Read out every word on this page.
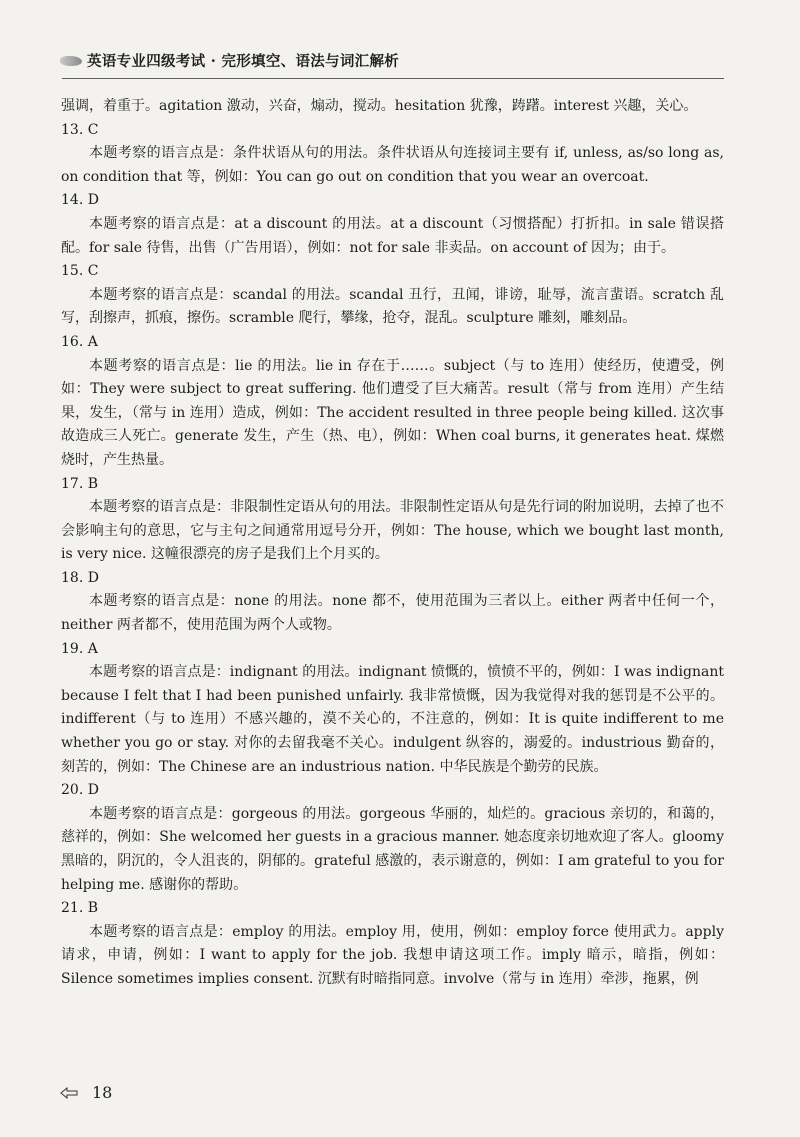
英语专业四级考试 · 完形填空、语法与词汇解析

强调，着重于。agitation 激动，兴奋，煽动，搅动。hesitation 犹豫，踌躇。interest 兴趣，关心。

13. C

本题考察的语言点是：条件状语从句的用法。条件状语从句连接词主要有 if, unless, as/so long as, on condition that 等，例如：You can go out on condition that you wear an overcoat.

14. D

本题考察的语言点是：at a discount 的用法。at a discount（习惯搭配）打折扣。in sale 错误搭配。for sale 待售，出售（广告用语），例如：not for sale 非卖品。on account of 因为；由于。

15. C

本题考察的语言点是：scandal 的用法。scandal 丑行，丑闻，诽谤，耻辱，流言蜚语。scratch 乱写，刮擦声，抓痕，擦伤。scramble 爬行，攀缘，抢夺，混乱。sculpture 雕刻，雕刻品。

16. A

本题考察的语言点是：lie 的用法。lie in 存在于……。subject（与 to 连用）使经历，使遭受，例如：They were subject to great suffering. 他们遭受了巨大痛苦。result（常与 from 连用）产生结果，发生，（常与 in 连用）造成，例如：The accident resulted in three people being killed. 这次事故造成三人死亡。generate 发生，产生（热、电），例如：When coal burns, it generates heat. 煤燃烧时，产生热量。

17. B

本题考察的语言点是：非限制性定语从句的用法。非限制性定语从句是先行词的附加说明，去掉了也不会影响主句的意思，它与主句之间通常用逗号分开，例如：The house, which we bought last month, is very nice. 这幢很漂亮的房子是我们上个月买的。

18. D

本题考察的语言点是：none 的用法。none 都不，使用范围为三者以上。either 两者中任何一个，neither 两者都不，使用范围为两个人或物。

19. A

本题考察的语言点是：indignant 的用法。indignant 愤慨的，愤愤不平的，例如：I was indignant because I felt that I had been punished unfairly. 我非常愤慨，因为我觉得对我的惩罚是不公平的。indifferent（与 to 连用）不感兴趣的，漠不关心的，不注意的，例如：It is quite indifferent to me whether you go or stay. 对你的去留我毫不关心。indulgent 纵容的，溺爱的。industrious 勤奋的，刻苦的，例如：The Chinese are an industrious nation. 中华民族是个勤劳的民族。

20. D

本题考察的语言点是：gorgeous 的用法。gorgeous 华丽的，灿烂的。gracious 亲切的，和蔼的，慈祥的，例如：She welcomed her guests in a gracious manner. 她态度亲切地欢迎了客人。gloomy 黑暗的，阴沉的，令人沮丧的，阴郁的。grateful 感激的，表示谢意的，例如：I am grateful to you for helping me. 感谢你的帮助。

21. B

本题考察的语言点是：employ 的用法。employ 用，使用，例如：employ force 使用武力。apply 请求，申请，例如：I want to apply for the job. 我想申请这项工作。imply 暗示，暗指，例如：Silence sometimes implies consent. 沉默有时暗指同意。involve（常与 in 连用）牵涉，拖累，例

18
